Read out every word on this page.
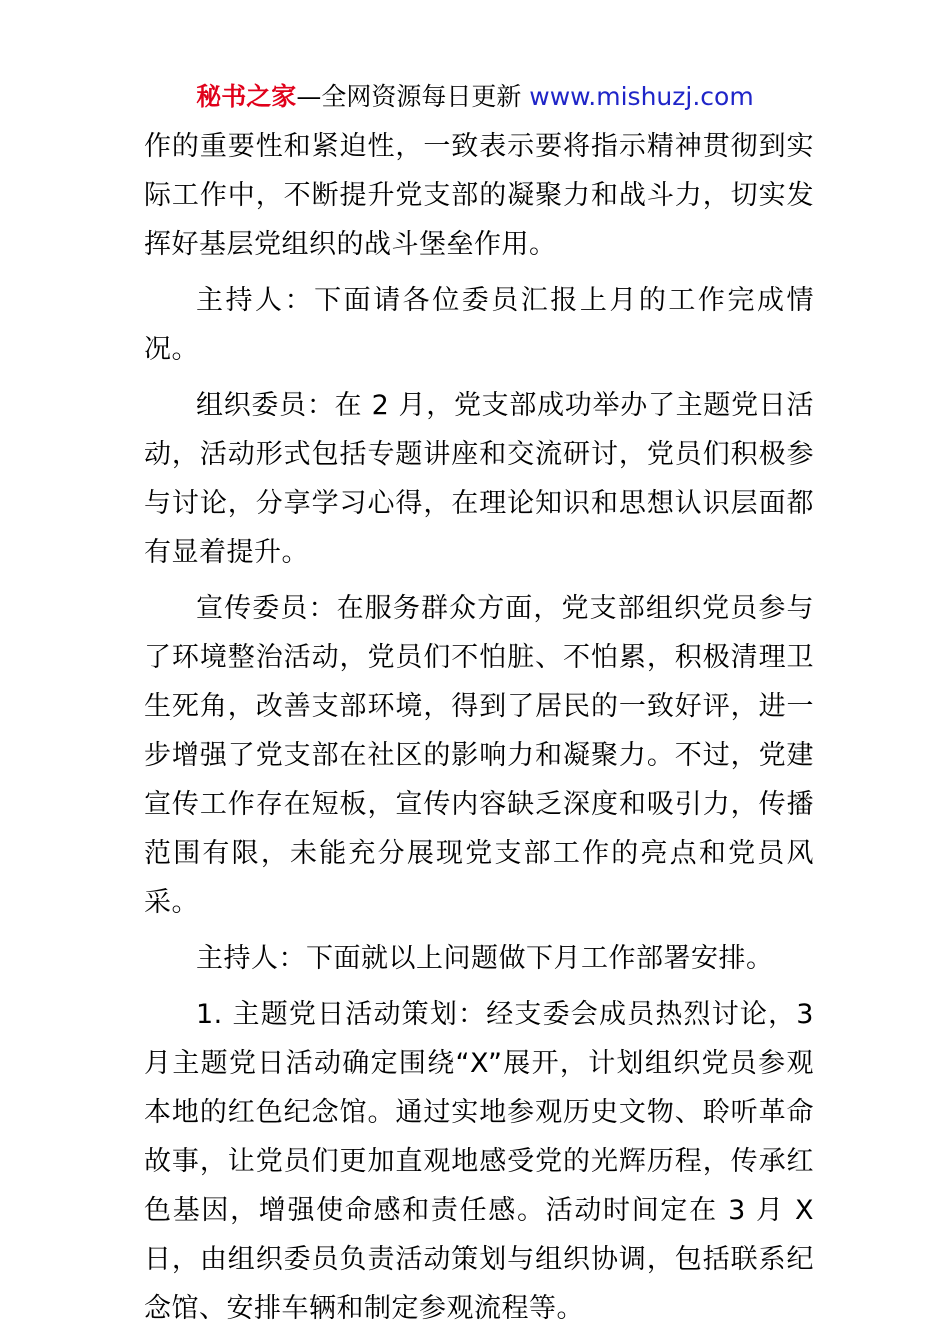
秘书之家—全网资源每日更新 www.mishuzj.com

作的重要性和紧迫性，一致表示要将指示精神贯彻到实际工作中，不断提升党支部的凝聚力和战斗力，切实发挥好基层党组织的战斗堡垒作用。

主持人：下面请各位委员汇报上月的工作完成情况。

组织委员：在 2 月，党支部成功举办了主题党日活动，活动形式包括专题讲座和交流研讨，党员们积极参与讨论，分享学习心得，在理论知识和思想认识层面都有显着提升。

宣传委员：在服务群众方面，党支部组织党员参与了环境整治活动，党员们不怕脏、不怕累，积极清理卫生死角，改善支部环境，得到了居民的一致好评，进一步增强了党支部在社区的影响力和凝聚力。不过，党建宣传工作存在短板，宣传内容缺乏深度和吸引力，传播范围有限，未能充分展现党支部工作的亮点和党员风采。

主持人：下面就以上问题做下月工作部署安排。

1. 主题党日活动策划：经支委会成员热烈讨论，3 月主题党日活动确定围绕“X”展开，计划组织党员参观本地的红色纪念馆。通过实地参观历史文物、聆听革命故事，让党员们更加直观地感受党的光辉历程，传承红色基因，增强使命感和责任感。活动时间定在 3 月 X 日，由组织委员负责活动策划与组织协调，包括联系纪念馆、安排车辆和制定参观流程等。
